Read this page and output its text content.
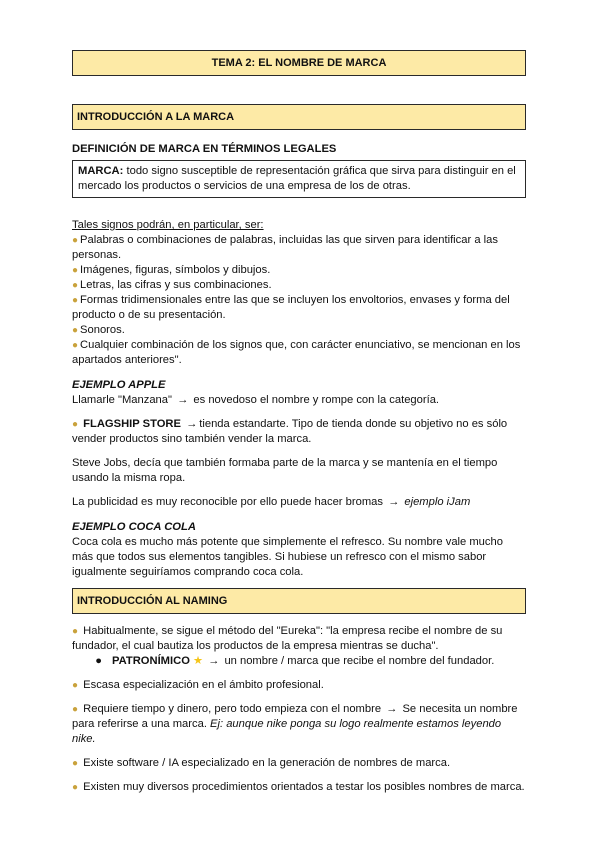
TEMA 2: EL NOMBRE DE MARCA
INTRODUCCIÓN A LA MARCA
DEFINICIÓN DE MARCA EN TÉRMINOS LEGALES
MARCA: todo signo susceptible de representación gráfica que sirva para distinguir en el mercado los productos o servicios de una empresa de los de otras.

Tales signos podrán, en particular, ser:

● Palabras o combinaciones de palabras, incluidas las que sirven para identificar a las personas.

● Imágenes, figuras, símbolos y dibujos.

● Letras, las cifras y sus combinaciones.

● Formas tridimensionales entre las que se incluyen los envoltorios, envases y forma del producto o de su presentación.

● Sonoros.

● Cualquier combinación de los signos que, con carácter enunciativo, se mencionan en los apartados anteriores".

EJEMPLO APPLE

Llamarle "Manzana" → es novedoso el nombre y rompe con la categoría.

● FLAGSHIP STORE → tienda estandarte. Tipo de tienda donde su objetivo no es sólo vender productos sino también vender la marca.

Steve Jobs, decía que también formaba parte de la marca y se mantenía en el tiempo usando la misma ropa.

La publicidad es muy reconocible por ello puede hacer bromas → ejemplo iJam

EJEMPLO COCA COLA

Coca cola es mucho más potente que simplemente el refresco. Su nombre vale mucho más que todos sus elementos tangibles. Si hubiese un refresco con el mismo sabor igualmente seguiríamos comprando coca cola.

INTRODUCCIÓN AL NAMING

● Habitualmente, se sigue el método del "Eureka": "la empresa recibe el nombre de su fundador, el cual bautiza los productos de la empresa mientras se ducha".

● PATRONÍMICO ★ → un nombre / marca que recibe el nombre del fundador.

● Escasa especialización en el ámbito profesional.

● Requiere tiempo y dinero, pero todo empieza con el nombre → Se necesita un nombre para referirse a una marca. Ej: aunque nike ponga su logo realmente estamos leyendo nike.

● Existe software / IA especializado en la generación de nombres de marca.

● Existen muy diversos procedimientos orientados a testar los posibles nombres de marca.
